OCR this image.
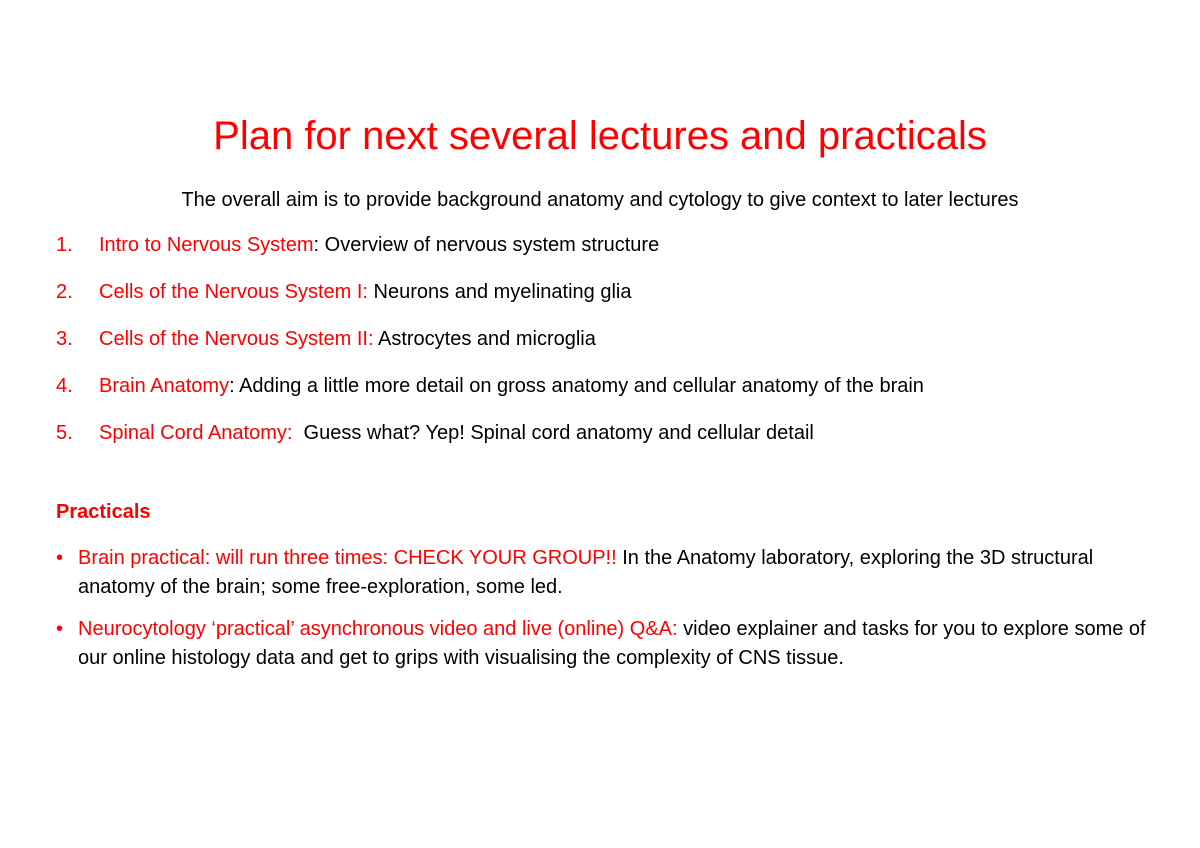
Plan for next several lectures and practicals

The overall aim is to provide background anatomy and cytology to give context to later lectures

1. Intro to Nervous System: Overview of nervous system structure
2. Cells of the Nervous System I: Neurons and myelinating glia
3. Cells of the Nervous System II: Astrocytes and microglia
4. Brain Anatomy: Adding a little more detail on gross anatomy and cellular anatomy of the brain
5. Spinal Cord Anatomy:  Guess what? Yep! Spinal cord anatomy and cellular detail
Practicals
• Brain practical: will run three times: CHECK YOUR GROUP!! In the Anatomy laboratory, exploring the 3D structural anatomy of the brain; some free-exploration, some led.
• Neurocytology ‘practical’ asynchronous video and live (online) Q&A: video explainer and tasks for you to explore some of our online histology data and get to grips with visualising the complexity of CNS tissue.
